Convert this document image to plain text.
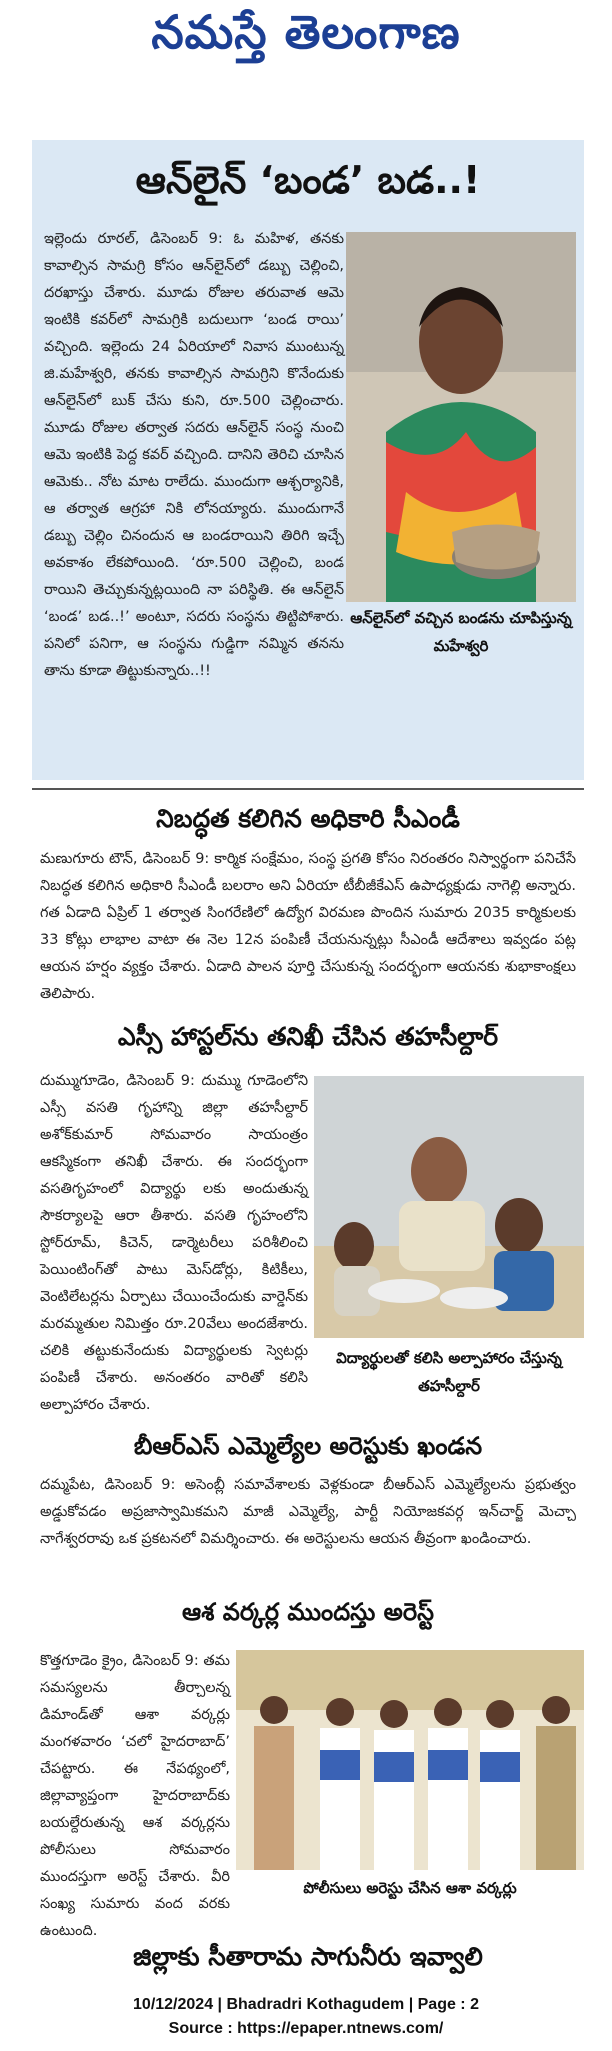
నమస్తే తెలంగాణ
ఆన్‌లైన్ ‘బండ’ బడ..!
ఇల్లెందు రూరల్, డిసెంబర్ 9: ఓ మహిళ, తనకు కావాల్సిన సామగ్రి కోసం ఆన్‌లైన్‌లో డబ్బు చెల్లించి, దరఖాస్తు చేశారు. మూడు రోజుల తరువాత ఆమె ఇంటికి కవర్‌లో సామగ్రికి బదులుగా ‘బండ రాయి’ వచ్చింది. ఇల్లెందు 24 ఏరియాలో నివాస ముంటున్న జి.మహేశ్వరి, తనకు కావాల్సిన సామగ్రిని కొనేందుకు ఆన్‌లైన్‌లో బుక్ చేసు కుని, రూ.500 చెల్లించారు. మూడు రోజుల తర్వాత సదరు ఆన్‌లైన్ సంస్థ నుంచి ఆమె ఇంటికి పెద్ద కవర్ వచ్చింది. దానిని తెరిచి చూసిన ఆమెకు.. నోట మాట రాలేదు. ముందుగా ఆశ్చర్యానికి, ఆ తర్వాత ఆగ్రహా నికి లోనయ్యారు. ముందుగానే డబ్బు చెల్లిం చినందున ఆ బండరాయిని తిరిగి ఇచ్చే అవకాశం లేకపోయింది. ‘రూ.500 చెల్లించి, బండ రాయిని తెచ్చుకున్నట్లయింది నా పరిస్థితి. ఈ ఆన్‌లైన్ ‘బండ’ బడ..!’ అంటూ, సదరు సంస్థను తిట్టిపోశారు. పనిలో పనిగా, ఆ సంస్థను గుడ్డిగా నమ్మిన తనను తాను కూడా తిట్టుకున్నారు..!!
ఆన్‌లైన్‌లో వచ్చిన బండను చూపిస్తున్న మహేశ్వరి
నిబద్ధత కలిగిన అధికారి సీఎండీ
మణుగూరు టౌన్, డిసెంబర్ 9: కార్మిక సంక్షేమం, సంస్థ ప్రగతి కోసం నిరంతరం నిస్వార్థంగా పనిచేసే నిబద్ధత కలిగిన అధికారి సీఎండీ బలరాం అని ఏరియా టీబీజీకేఎస్ ఉపాధ్యక్షుడు నాగెల్లి అన్నారు. గత ఏడాది ఏప్రిల్ 1 తర్వాత సింగరేణిలో ఉద్యోగ విరమణ పొందిన సుమారు 2035 కార్మికులకు 33 కోట్లు లాభాల వాటా ఈ నెల 12న పంపిణీ చేయనున్నట్లు సీఎండీ ఆదేశాలు ఇవ్వడం పట్ల ఆయన హర్షం వ్యక్తం చేశారు. ఏడాది పాలన పూర్తి చేసుకున్న సందర్భంగా ఆయనకు శుభాకాంక్షలు తెలిపారు.
ఎస్సీ హాస్టల్‌ను తనిఖీ చేసిన తహసీల్దార్
దుమ్ముగూడెం, డిసెంబర్ 9: దుమ్ము గూడెంలోని ఎస్సీ వసతి గృహాన్ని జిల్లా తహసీల్దార్ అశోక్‌కుమార్ సోమవారం సాయంత్రం ఆకస్మికంగా తనిఖీ చేశారు. ఈ సందర్భంగా వసతిగృహంలో విద్యార్థు లకు అందుతున్న సౌకర్యాలపై ఆరా తీశారు. వసతి గృహంలోని స్టోర్‌రూమ్, కిచెన్, డార్మెటరీలు పరిశీలించి పెయింటింగ్‌తో పాటు మెస్‌డోర్లు, కిటికీలు, వెంటిలేటర్లను ఏర్పాటు చేయించేందుకు వార్డెన్‌కు మరమ్మతుల నిమిత్తం రూ.20వేలు అందజేశారు. చలికి తట్టుకునేందుకు విద్యార్థులకు స్వెటర్లు పంపిణీ చేశారు. అనంతరం వారితో కలిసి అల్పాహారం చేశారు.
విద్యార్థులతో కలిసి అల్పాహారం చేస్తున్న తహసీల్దార్
బీఆర్‌ఎస్ ఎమ్మెల్యేల అరెస్టుకు ఖండన
దమ్మపేట, డిసెంబర్ 9: అసెంబ్లీ సమావేశాలకు వెళ్లకుండా బీఆర్‌ఎస్ ఎమ్మెల్యేలను ప్రభుత్వం అడ్డుకోవడం అప్రజాస్వామికమని మాజీ ఎమ్మెల్యే, పార్టీ నియోజకవర్గ ఇన్‌చార్జ్ మెచ్చా నాగేశ్వరరావు ఒక ప్రకటనలో విమర్శించారు. ఈ అరెస్టులను ఆయన తీవ్రంగా ఖండించారు.
ఆశ వర్కర్ల ముందస్తు అరెస్ట్
కొత్తగూడెం క్రైం, డిసెంబర్ 9: తమ సమస్యలను తీర్చాలన్న డిమాండ్‌తో ఆశా వర్కర్లు మంగళవారం ‘చలో హైదరాబాద్’ చేపట్టారు. ఈ నేపథ్యంలో, జిల్లావ్యాప్తంగా హైదరాబాద్‌కు బయల్దేరుతున్న ఆశ వర్కర్లను పోలీసులు సోమవారం ముందస్తుగా అరెస్ట్ చేశారు. వీరి సంఖ్య సుమారు వంద వరకు ఉంటుంది.
పోలీసులు అరెస్టు చేసిన ఆశా వర్కర్లు
జిల్లాకు సీతారామ సాగునీరు ఇవ్వాలి
10/12/2024 | Bhadradri Kothagudem | Page : 2
Source : https://epaper.ntnews.com/
